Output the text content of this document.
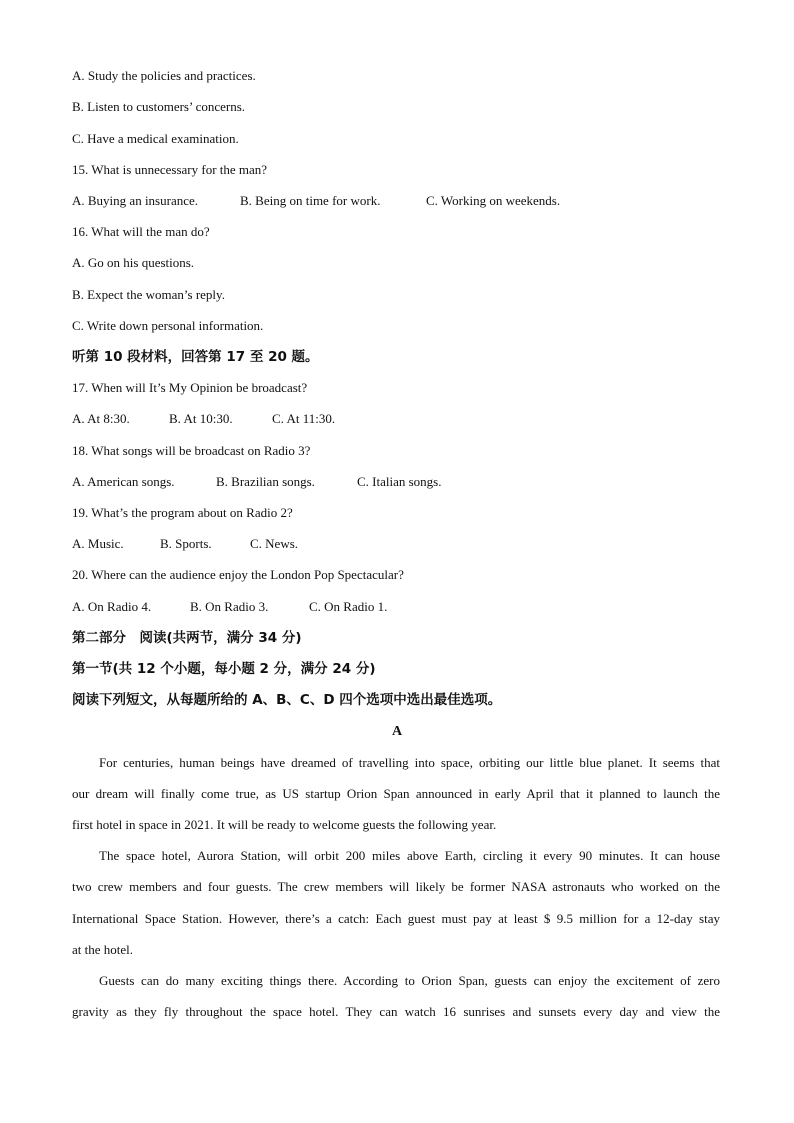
A. Study the policies and practices.
B. Listen to customers’ concerns.
C. Have a medical examination.
15. What is unnecessary for the man?
A. Buying an insurance.	B. Being on time for work.	C. Working on weekends.
16. What will the man do?
A. Go on his questions.
B. Expect the woman’s reply.
C. Write down personal information.
听第 10 段材料，回答第 17 至 20 题。
17. When will It’s My Opinion be broadcast?
A. At 8:30.	B. At 10:30.	C. At 11:30.
18. What songs will be broadcast on Radio 3?
A. American songs.	B. Brazilian songs.	C. Italian songs.
19. What’s the program about on Radio 2?
A. Music.	B. Sports.	C. News.
20. Where can the audience enjoy the London Pop Spectacular?
A. On Radio 4.	B. On Radio 3.	C. On Radio 1.
第二部分　阅读(共两节，满分 34 分)
第一节(共 12 个小题，每小题 2 分，满分 24 分)
阅读下列短文，从每题所给的 A、B、C、D 四个选项中选出最佳选项。
A
For centuries, human beings have dreamed of travelling into space, orbiting our little blue planet. It seems that
our dream will finally come true, as US startup Orion Span announced in early April that it planned to launch the
first hotel in space in 2021. It will be ready to welcome guests the following year.
The space hotel, Aurora Station, will orbit 200 miles above Earth, circling it every 90 minutes. It can house
two crew members and four guests. The crew members will likely be former NASA astronauts who worked on the
International Space Station. However, there’s a catch: Each guest must pay at least $ 9.5 million for a 12-day stay
at the hotel.
Guests can do many exciting things there. According to Orion Span, guests can enjoy the excitement of zero
gravity as they fly throughout the space hotel. They can watch 16 sunrises and sunsets every day and view the
